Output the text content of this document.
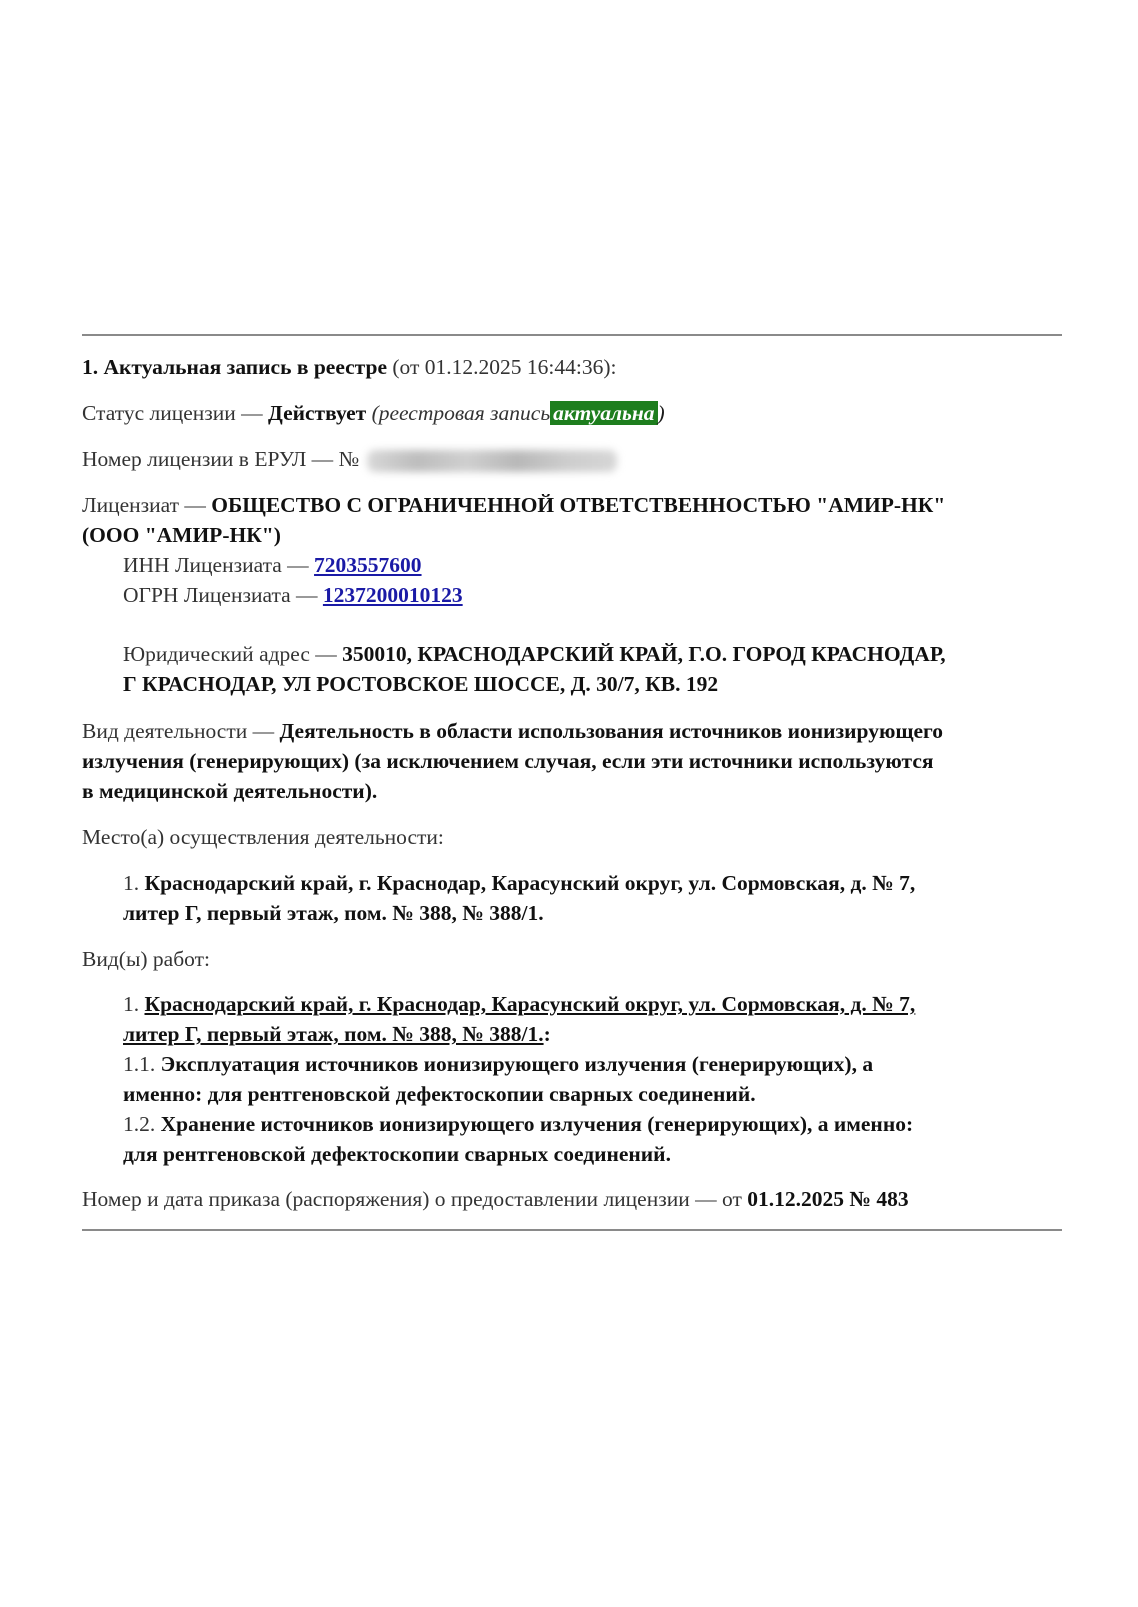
1. Актуальная запись в реестре (от 01.12.2025 16:44:36):
Статус лицензии — Действует (реестровая запись актуальна )
Номер лицензии в ЕРУЛ — №
Лицензиат — ОБЩЕСТВО С ОГРАНИЧЕННОЙ ОТВЕТСТВЕННОСТЬЮ "АМИР-НК"
(ООО "АМИР-НК")
ИНН Лицензиата — 7203557600
ОГРН Лицензиата — 1237200010123
Юридический адрес — 350010, КРАСНОДАРСКИЙ КРАЙ, Г.О. ГОРОД КРАСНОДАР,
Г КРАСНОДАР, УЛ РОСТОВСКОЕ ШОССЕ, Д. 30/7, КВ. 192
Вид деятельности — Деятельность в области использования источников ионизирующего
излучения (генерирующих) (за исключением случая, если эти источники используются
в медицинской деятельности).
Место(а) осуществления деятельности:
1. Краснодарский край, г. Краснодар, Карасунский округ, ул. Сормовская, д. № 7,
литер Г, первый этаж, пом. № 388, № 388/1.
Вид(ы) работ:
1. Краснодарский край, г. Краснодар, Карасунский округ, ул. Сормовская, д. № 7,
литер Г, первый этаж, пом. № 388, № 388/1.:
1.1. Эксплуатация источников ионизирующего излучения (генерирующих), а
именно: для рентгеновской дефектоскопии сварных соединений.
1.2. Хранение источников ионизирующего излучения (генерирующих), а именно:
для рентгеновской дефектоскопии сварных соединений.
Номер и дата приказа (распоряжения) о предоставлении лицензии — от 01.12.2025 № 483
